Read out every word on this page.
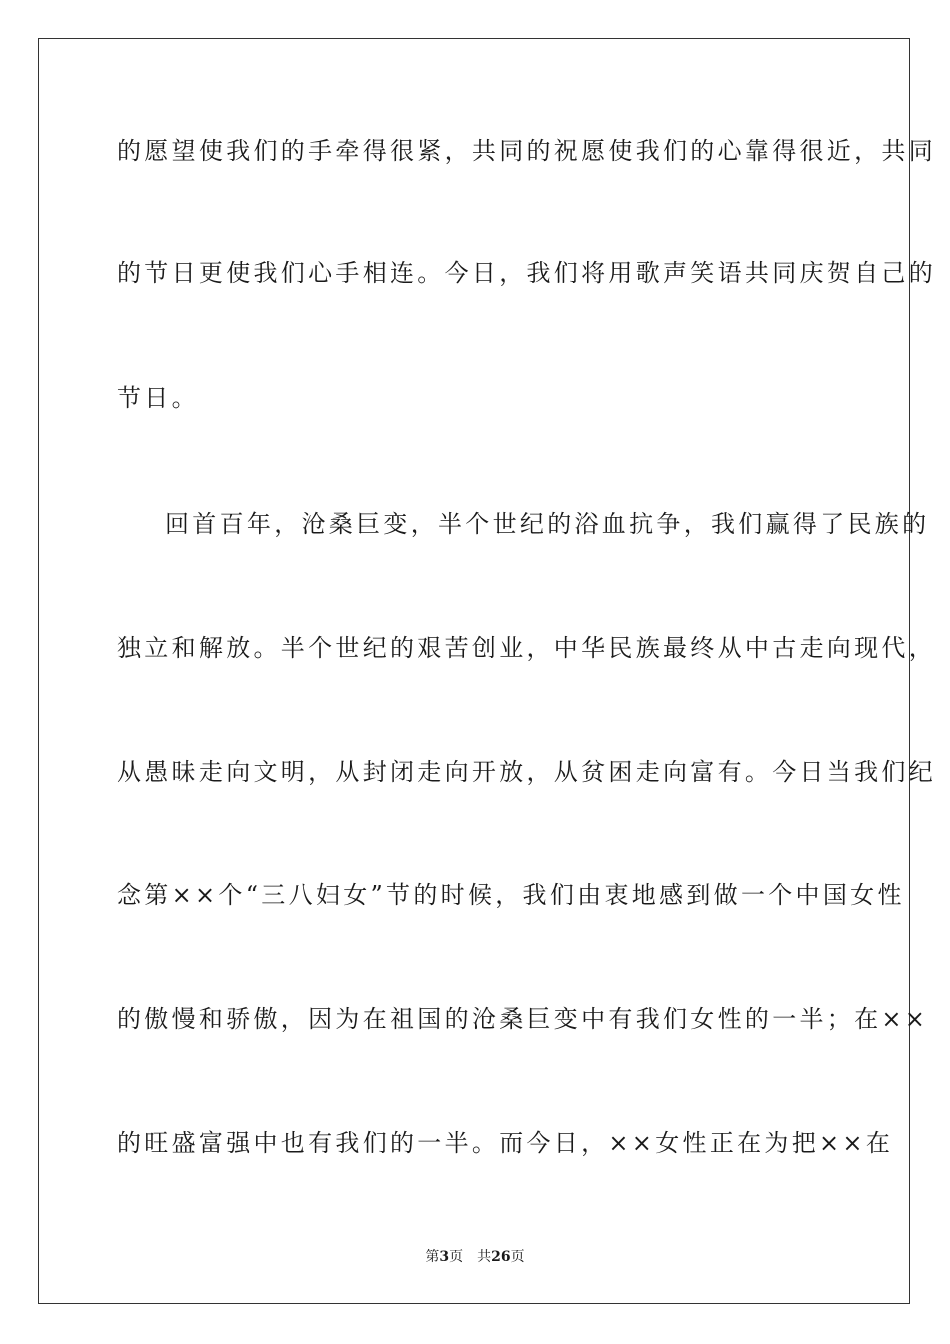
的愿望使我们的手牵得很紧，共同的祝愿使我们的心靠得很近，共同
的节日更使我们心手相连。今日，我们将用歌声笑语共同庆贺自己的
节日。
回首百年，沧桑巨变，半个世纪的浴血抗争，我们赢得了民族的
独立和解放。半个世纪的艰苦创业，中华民族最终从中古走向现代，
从愚昧走向文明，从封闭走向开放，从贫困走向富有。今日当我们纪
念第××个“三八妇女”节的时候，我们由衷地感到做一个中国女性
的傲慢和骄傲，因为在祖国的沧桑巨变中有我们女性的一半；在××
的旺盛富强中也有我们的一半。而今日，××女性正在为把××在
第3页 共26页
